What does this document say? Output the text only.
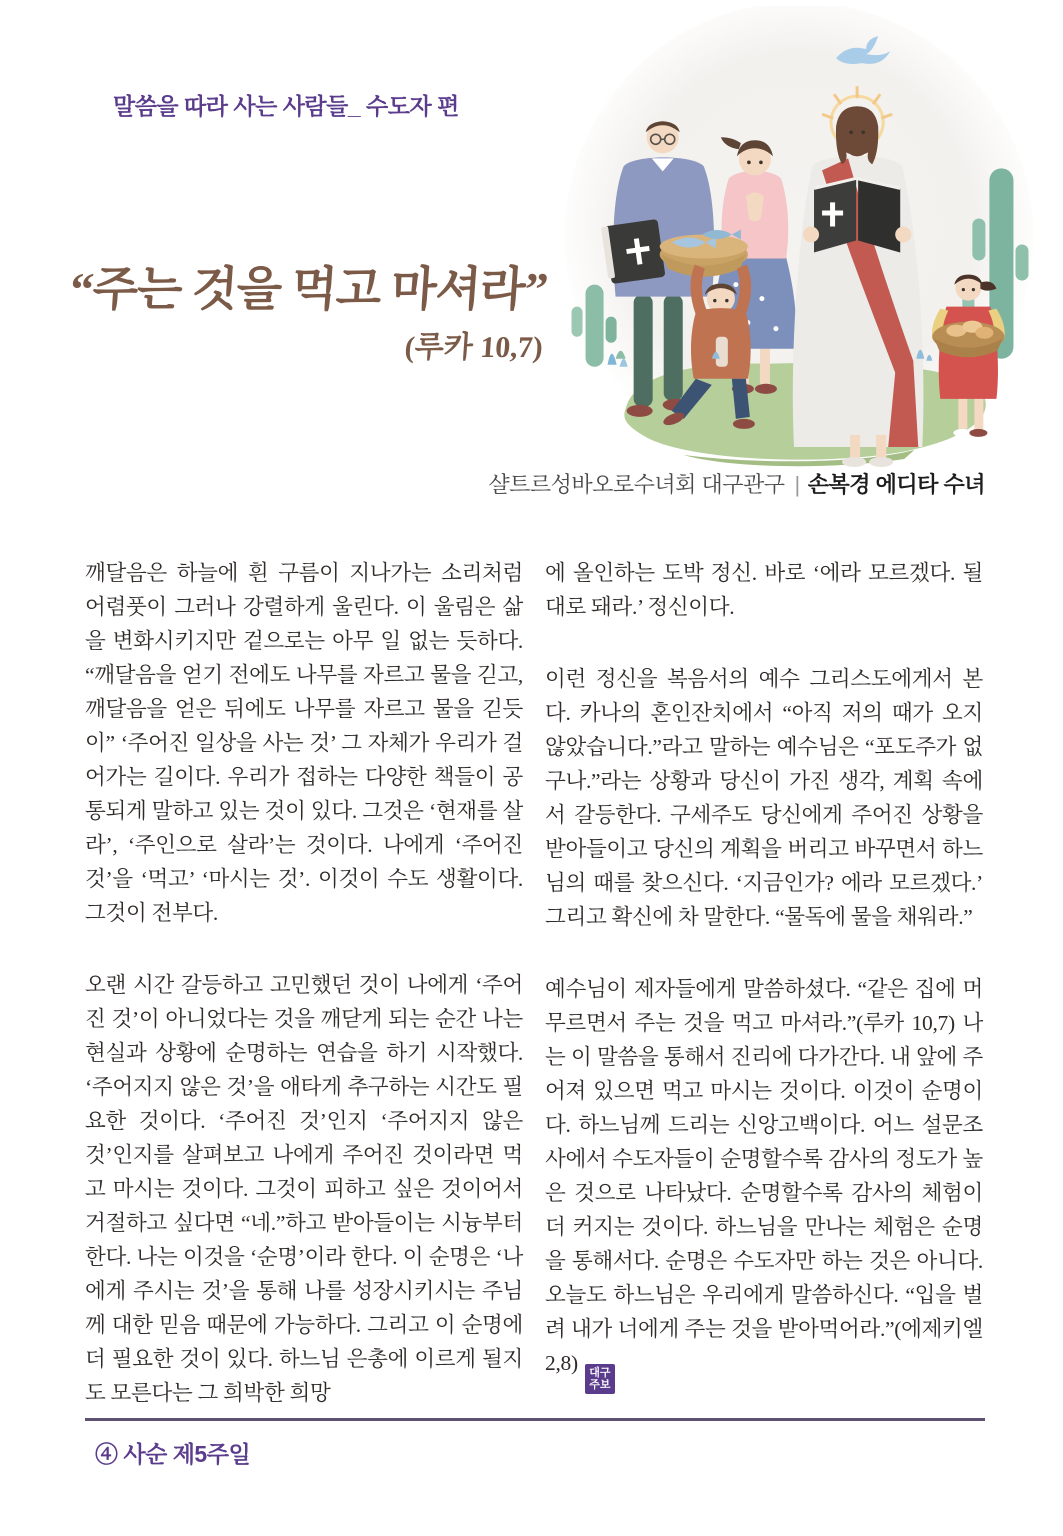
말씀을 따라 사는 사람들_ 수도자 편
“주는 것을 먹고 마셔라”
(루카 10,7)
샬트르성바오로수녀회 대구관구 | 손복경 에디타 수녀

깨달음은 하늘에 흰 구름이 지나가는 소리처럼 어렴풋이 그러나 강렬하게 울린다. 이 울림은 삶을 변화시키지만 겉으로는 아무 일 없는 듯하다. “깨달음을 얻기 전에도 나무를 자르고 물을 긷고, 깨달음을 얻은 뒤에도 나무를 자르고 물을 긷듯이” ‘주어진 일상을 사는 것’ 그 자체가 우리가 걸어가는 길이다. 우리가 접하는 다양한 책들이 공통되게 말하고 있는 것이 있다. 그것은 ‘현재를 살라’, ‘주인으로 살라’는 것이다. 나에게 ‘주어진 것’을 ‘먹고’ ‘마시는 것’. 이것이 수도 생활이다. 그것이 전부다.

오랜 시간 갈등하고 고민했던 것이 나에게 ‘주어진 것’이 아니었다는 것을 깨닫게 되는 순간 나는 현실과 상황에 순명하는 연습을 하기 시작했다. ‘주어지지 않은 것’을 애타게 추구하는 시간도 필요한 것이다. ‘주어진 것’인지 ‘주어지지 않은 것’인지를 살펴보고 나에게 주어진 것이라면 먹고 마시는 것이다. 그것이 피하고 싶은 것이어서 거절하고 싶다면 “네.”하고 받아들이는 시늉부터 한다. 나는 이것을 ‘순명’이라 한다. 이 순명은 ‘나에게 주시는 것’을 통해 나를 성장시키시는 주님께 대한 믿음 때문에 가능하다. 그리고 이 순명에 더 필요한 것이 있다. 하느님 은총에 이르게 될지도 모른다는 그 희박한 희망

에 올인하는 도박 정신. 바로 ‘에라 모르겠다. 될 대로 돼라.’ 정신이다.

이런 정신을 복음서의 예수 그리스도에게서 본다. 카나의 혼인잔치에서 “아직 저의 때가 오지 않았습니다.”라고 말하는 예수님은 “포도주가 없구나.”라는 상황과 당신이 가진 생각, 계획 속에서 갈등한다. 구세주도 당신에게 주어진 상황을 받아들이고 당신의 계획을 버리고 바꾸면서 하느님의 때를 찾으신다. ‘지금인가? 에라 모르겠다.’ 그리고 확신에 차 말한다. “물독에 물을 채워라.”

예수님이 제자들에게 말씀하셨다. “같은 집에 머무르면서 주는 것을 먹고 마셔라.”(루카 10,7) 나는 이 말씀을 통해서 진리에 다가간다. 내 앞에 주어져 있으면 먹고 마시는 것이다. 이것이 순명이다. 하느님께 드리는 신앙고백이다. 어느 설문조사에서 수도자들이 순명할수록 감사의 정도가 높은 것으로 나타났다. 순명할수록 감사의 체험이 더 커지는 것이다. 하느님을 만나는 체험은 순명을 통해서다. 순명은 수도자만 하는 것은 아니다. 오늘도 하느님은 우리에게 말씀하신다. “입을 벌려 내가 너에게 주는 것을 받아먹어라.”(에제키엘 2,8) 대구
주보

④ 사순 제5주일
